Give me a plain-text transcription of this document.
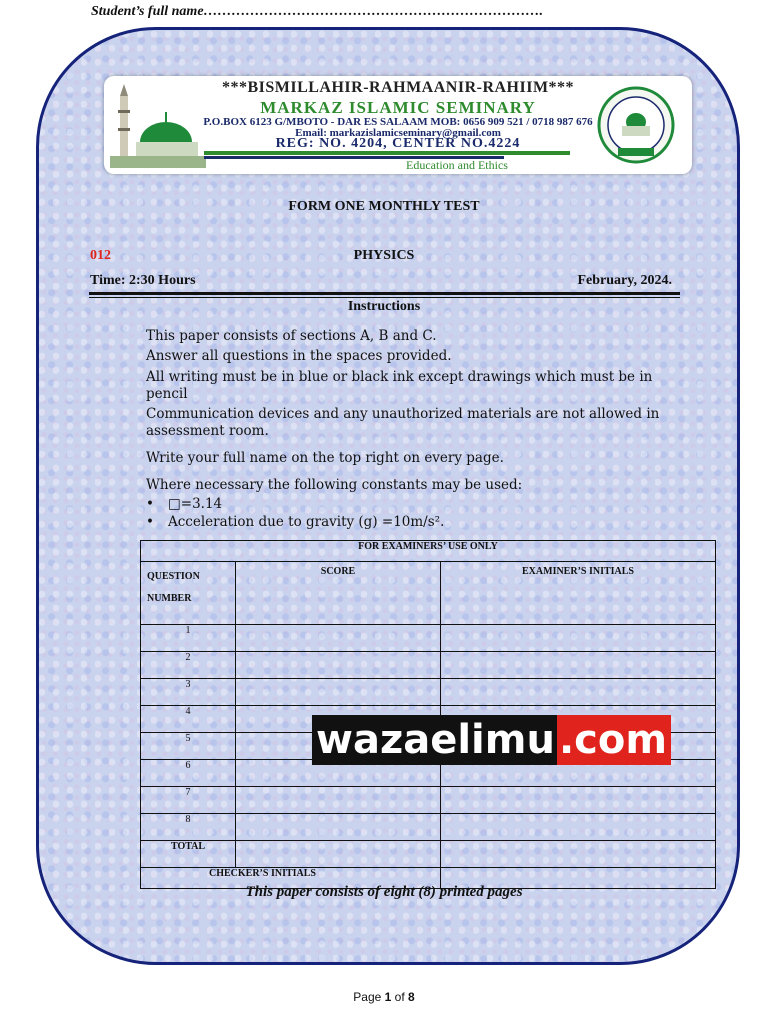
Student’s full name……………………………………………………………….
***BISMILLAHIR-RAHMAANIR-RAHIIM***
MARKAZ ISLAMIC SEMINARY
P.O.BOX 6123 G/MBOTO - DAR ES SALAAM MOB: 0656 909 521 / 0718 987 676
Email: markazislamicseminary@gmail.com
REG: NO. 4204, CENTER NO.4224
Education and Ethics
FORM ONE MONTHLY TEST
012	PHYSICS
Time: 2:30 Hours	February, 2024.
Instructions
This paper consists of sections A, B and C.
Answer all questions in the spaces provided.
All writing must be in blue or black ink except drawings which must be in pencil
Communication devices and any unauthorized materials are not allowed in assessment room.
Write your full name on the top right on every page.
Where necessary the following constants may be used:
• □=3.14
• Acceleration due to gravity (g) =10m/s².
FOR EXAMINERS’ USE ONLY		
QUESTION NUMBER	SCORE	EXAMINER’S INITIALS
1		
2		
3		
4		
5		
6		
7		
8		
TOTAL		
CHECKER’S INITIALS		
wazaelimu .com
This paper consists of eight (8) printed pages
Page 1 of 8
